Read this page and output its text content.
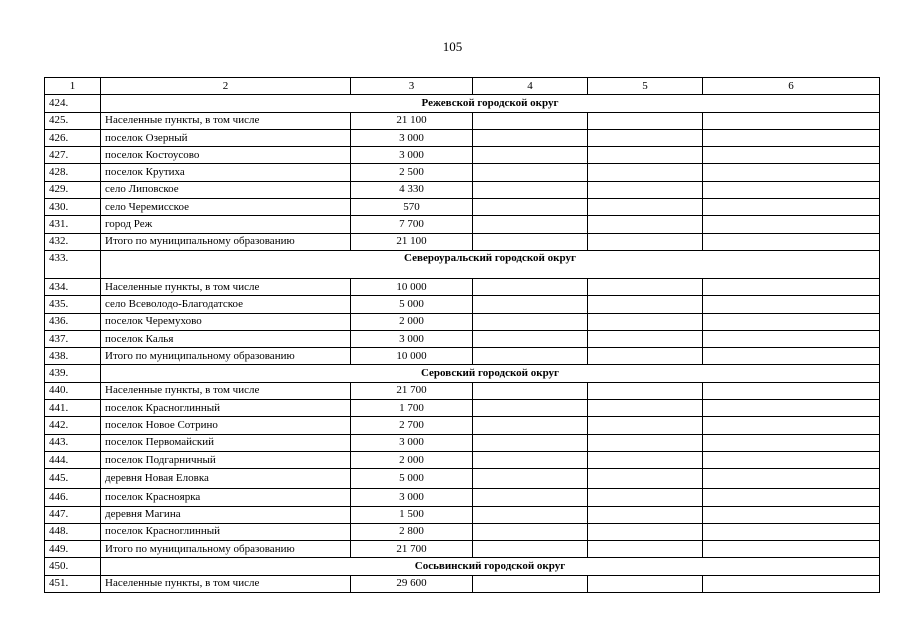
105
1	2	3	4	5	6
424.	Режевской городской округ				
425.	Населенные пункты, в том числе	21 100			
426.	поселок Озерный	3 000			
427.	поселок Костоусово	3 000			
428.	поселок Крутиха	2 500			
429.	село Липовское	4 330			
430.	село Черемисское	570			
431.	город Реж	7 700			
432.	Итого по муниципальному образованию	21 100			
433.	Североуральский городской округ				
434.	Населенные пункты, в том числе	10 000			
435.	село Всеволодо-Благодатское	5 000			
436.	поселок Черемухово	2 000			
437.	поселок Калья	3 000			
438.	Итого по муниципальному образованию	10 000			
439.	Серовский городской округ				
440.	Населенные пункты, в том числе	21 700			
441.	поселок Красноглинный	1 700			
442.	поселок Новое Сотрино	2 700			
443.	поселок Первомайский	3 000			
444.	поселок Подгарничный	2 000			
445.	деревня Новая Еловка	5 000			
446.	поселок Краснoярка	3 000			
447.	деревня Магина	1 500			
448.	поселок Красноглинный	2 800			
449.	Итого по муниципальному образованию	21 700			
450.	Сосьвинский городской округ				
451.	Населенные пункты, в том числе	29 600			
